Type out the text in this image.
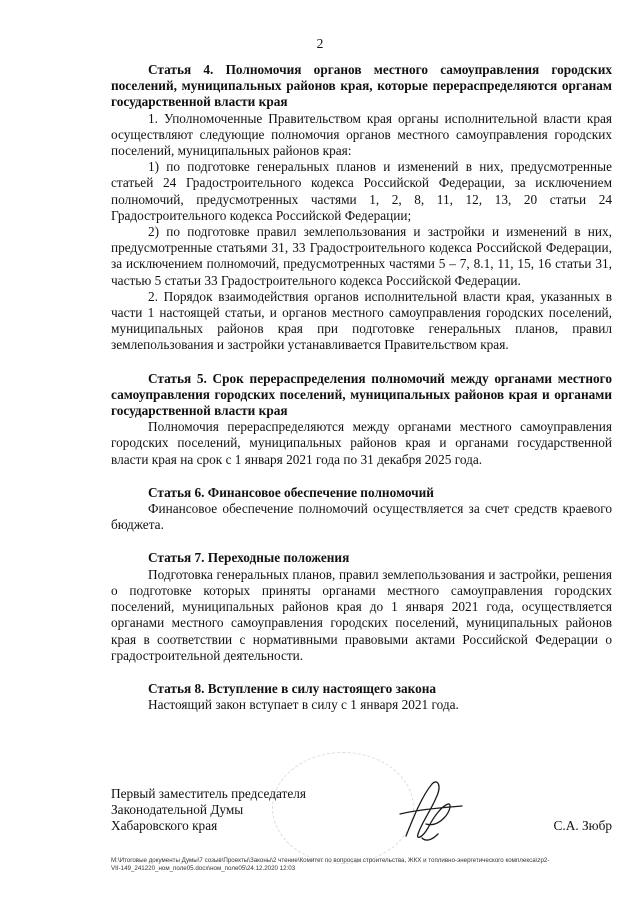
2

Статья 4. Полномочия органов местного самоуправления городских поселений, муниципальных районов края, которые перераспределяются органам государственной власти края

1. Уполномоченные Правительством края органы исполнительной власти края осуществляют следующие полномочия органов местного самоуправления городских поселений, муниципальных районов края:

1) по подготовке генеральных планов и изменений в них, предусмотренные статьей 24 Градостроительного кодекса Российской Федерации, за исключением полномочий, предусмотренных частями 1, 2, 8, 11, 12, 13, 20 статьи 24 Градостроительного кодекса Российской Федерации;

2) по подготовке правил землепользования и застройки и изменений в них, предусмотренные статьями 31, 33 Градостроительного кодекса Российской Федерации, за исключением полномочий, предусмотренных частями 5 – 7, 8.1, 11, 15, 16 статьи 31, частью 5 статьи 33 Градостроительного кодекса Российской Федерации.

2. Порядок взаимодействия органов исполнительной власти края, указанных в части 1 настоящей статьи, и органов местного самоуправления городских поселений, муниципальных районов края при подготовке генеральных планов, правил землепользования и застройки устанавливается Правительством края.

Статья 5. Срок перераспределения полномочий между органами местного самоуправления городских поселений, муниципальных районов края и органами государственной власти края

Полномочия перераспределяются между органами местного самоуправления городских поселений, муниципальных районов края и органами государственной власти края на срок с 1 января 2021 года по 31 декабря 2025 года.

Статья 6. Финансовое обеспечение полномочий

Финансовое обеспечение полномочий осуществляется за счет средств краевого бюджета.

Статья 7. Переходные положения

Подготовка генеральных планов, правил землепользования и застройки, решения о подготовке которых приняты органами местного самоуправления городских поселений, муниципальных районов края до 1 января 2021 года, осуществляется органами местного самоуправления городских поселений, муниципальных районов края в соответствии с нормативными правовыми актами Российской Федерации о градостроительной деятельности.

Статья 8. Вступление в силу настоящего закона

Настоящий закон вступает в силу с 1 января 2021 года.

Первый заместитель председателя
Законодательной Думы
Хабаровского края	С.А. Зюбр
M:\Итоговые документы Думы\7 созыв\Проекты\Законы\2 чтение\Комитет по вопросам строительства, ЖКХ и топливно-энергетического комплекса\zp2-
VII-149_241220_ном_поле05.docx\ном_поле05\24.12.2020 12:03
